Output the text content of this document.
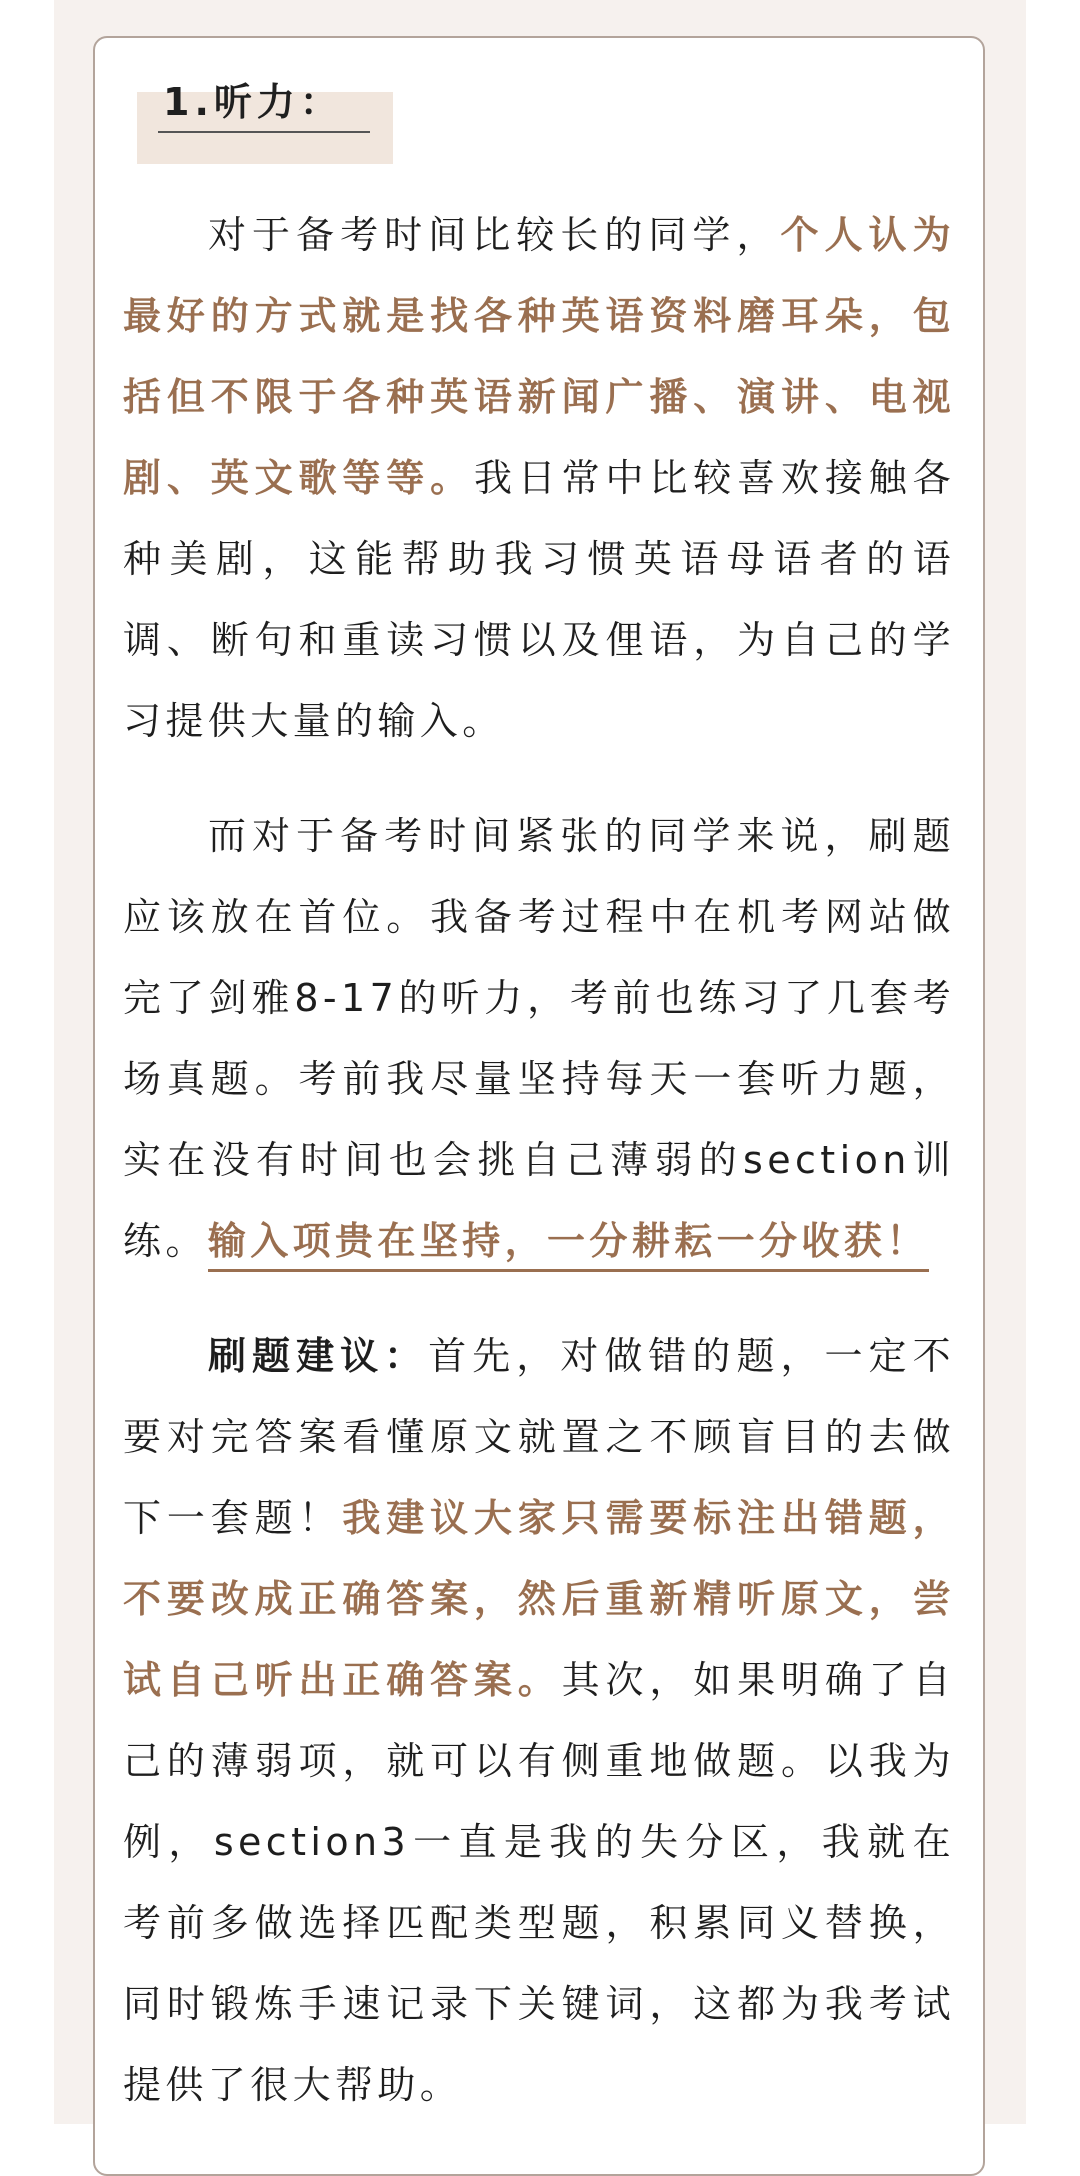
1.听力：

对于备考时间比较长的同学，个人认为最好的方式就是找各种英语资料磨耳朵，包括但不限于各种英语新闻广播、演讲、电视剧、英文歌等等。我日常中比较喜欢接触各种美剧，这能帮助我习惯英语母语者的语调、断句和重读习惯以及俚语，为自己的学习提供大量的输入。

而对于备考时间紧张的同学来说，刷题应该放在首位。我备考过程中在机考网站做完了剑雅8-17的听力，考前也练习了几套考场真题。考前我尽量坚持每天一套听力题，实在没有时间也会挑自己薄弱的section训练。输入项贵在坚持，一分耕耘一分收获！

刷题建议：首先，对做错的题，一定不要对完答案看懂原文就置之不顾盲目的去做下一套题！我建议大家只需要标注出错题，不要改成正确答案，然后重新精听原文，尝试自己听出正确答案。其次，如果明确了自己的薄弱项，就可以有侧重地做题。以我为例，section3一直是我的失分区，我就在考前多做选择匹配类型题，积累同义替换，同时锻炼手速记录下关键词，这都为我考试提供了很大帮助。
